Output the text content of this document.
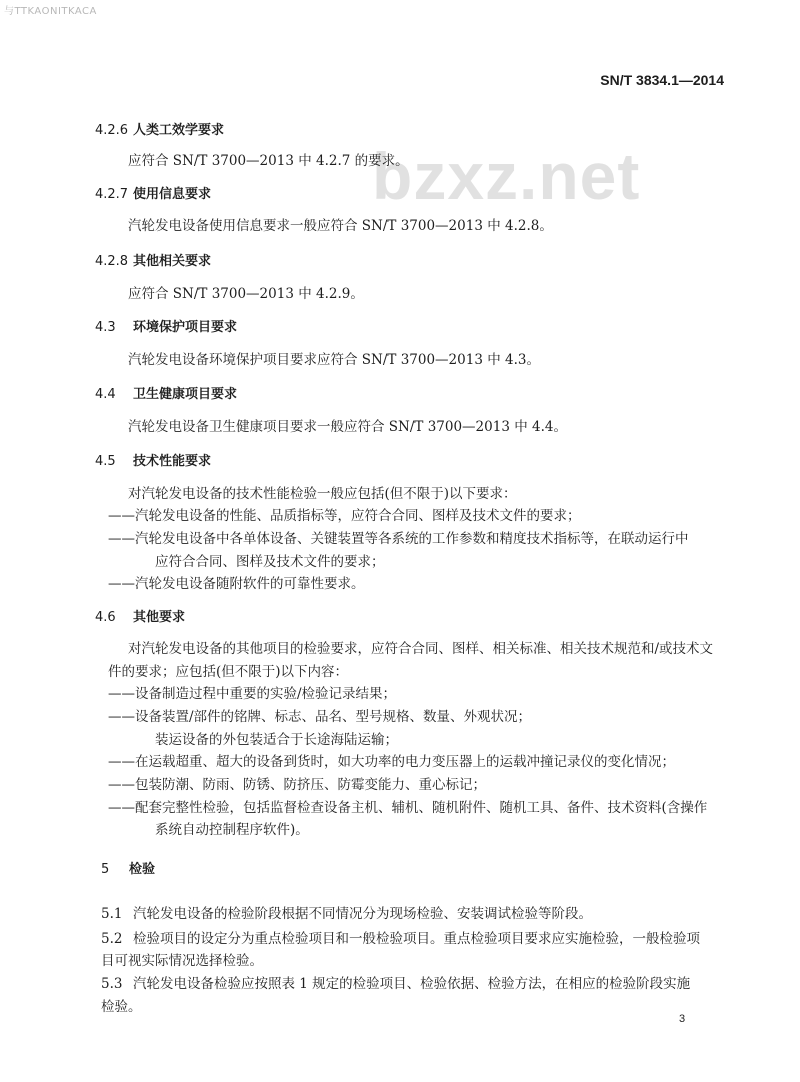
与TTKAONITKACA
bzxz.net
SN/T 3834.1—2014
4.2.6 人类工效学要求
应符合 SN/T 3700—2013 中 4.2.7 的要求。
4.2.7 使用信息要求
汽轮发电设备使用信息要求一般应符合 SN/T 3700—2013 中 4.2.8。
4.2.8 其他相关要求
应符合 SN/T 3700—2013 中 4.2.9。
4.3 环境保护项目要求
汽轮发电设备环境保护项目要求应符合 SN/T 3700—2013 中 4.3。
4.4 卫生健康项目要求
汽轮发电设备卫生健康项目要求一般应符合 SN/T 3700—2013 中 4.4。
4.5 技术性能要求
对汽轮发电设备的技术性能检验一般应包括(但不限于)以下要求：
——汽轮发电设备的性能、品质指标等，应符合合同、图样及技术文件的要求；
——汽轮发电设备中各单体设备、关键装置等各系统的工作参数和精度技术指标等，在联动运行中
应符合合同、图样及技术文件的要求；
——汽轮发电设备随附软件的可靠性要求。
4.6 其他要求
对汽轮发电设备的其他项目的检验要求，应符合合同、图样、相关标准、相关技术规范和/或技术文
件的要求；应包括(但不限于)以下内容：
——设备制造过程中重要的实验/检验记录结果；
——设备装置/部件的铭牌、标志、品名、型号规格、数量、外观状况；
装运设备的外包装适合于长途海陆运输；
——在运载超重、超大的设备到货时，如大功率的电力变压器上的运载冲撞记录仪的变化情况；
——包装防潮、防雨、防锈、防挤压、防霉变能力、重心标记；
——配套完整性检验，包括监督检查设备主机、辅机、随机附件、随机工具、备件、技术资料(含操作
系统自动控制程序软件)。
5 检验
5.1 汽轮发电设备的检验阶段根据不同情况分为现场检验、安装调试检验等阶段。
5.2 检验项目的设定分为重点检验项目和一般检验项目。重点检验项目要求应实施检验，一般检验项
目可视实际情况选择检验。
5.3 汽轮发电设备检验应按照表 1 规定的检验项目、检验依据、检验方法，在相应的检验阶段实施
检验。
3
